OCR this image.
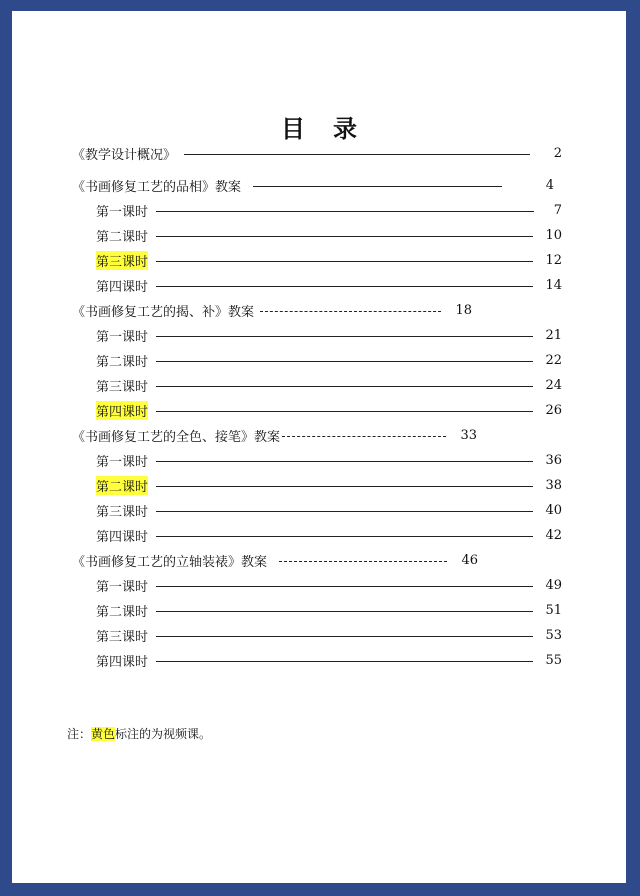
目录
《教学设计概况》	2
《书画修复工艺的品相》教案	4
第一课时	7
第二课时	10
第三课时	12
第四课时	14
《书画修复工艺的揭、补》教案	18
第一课时	21
第二课时	22
第三课时	24
第四课时	26
《书画修复工艺的全色、接笔》教案	33
第一课时	36
第二课时	38
第三课时	40
第四课时	42
《书画修复工艺的立轴装裱》教案	46
第一课时	49
第二课时	51
第三课时	53
第四课时	55
注：黄色标注的为视频课。
